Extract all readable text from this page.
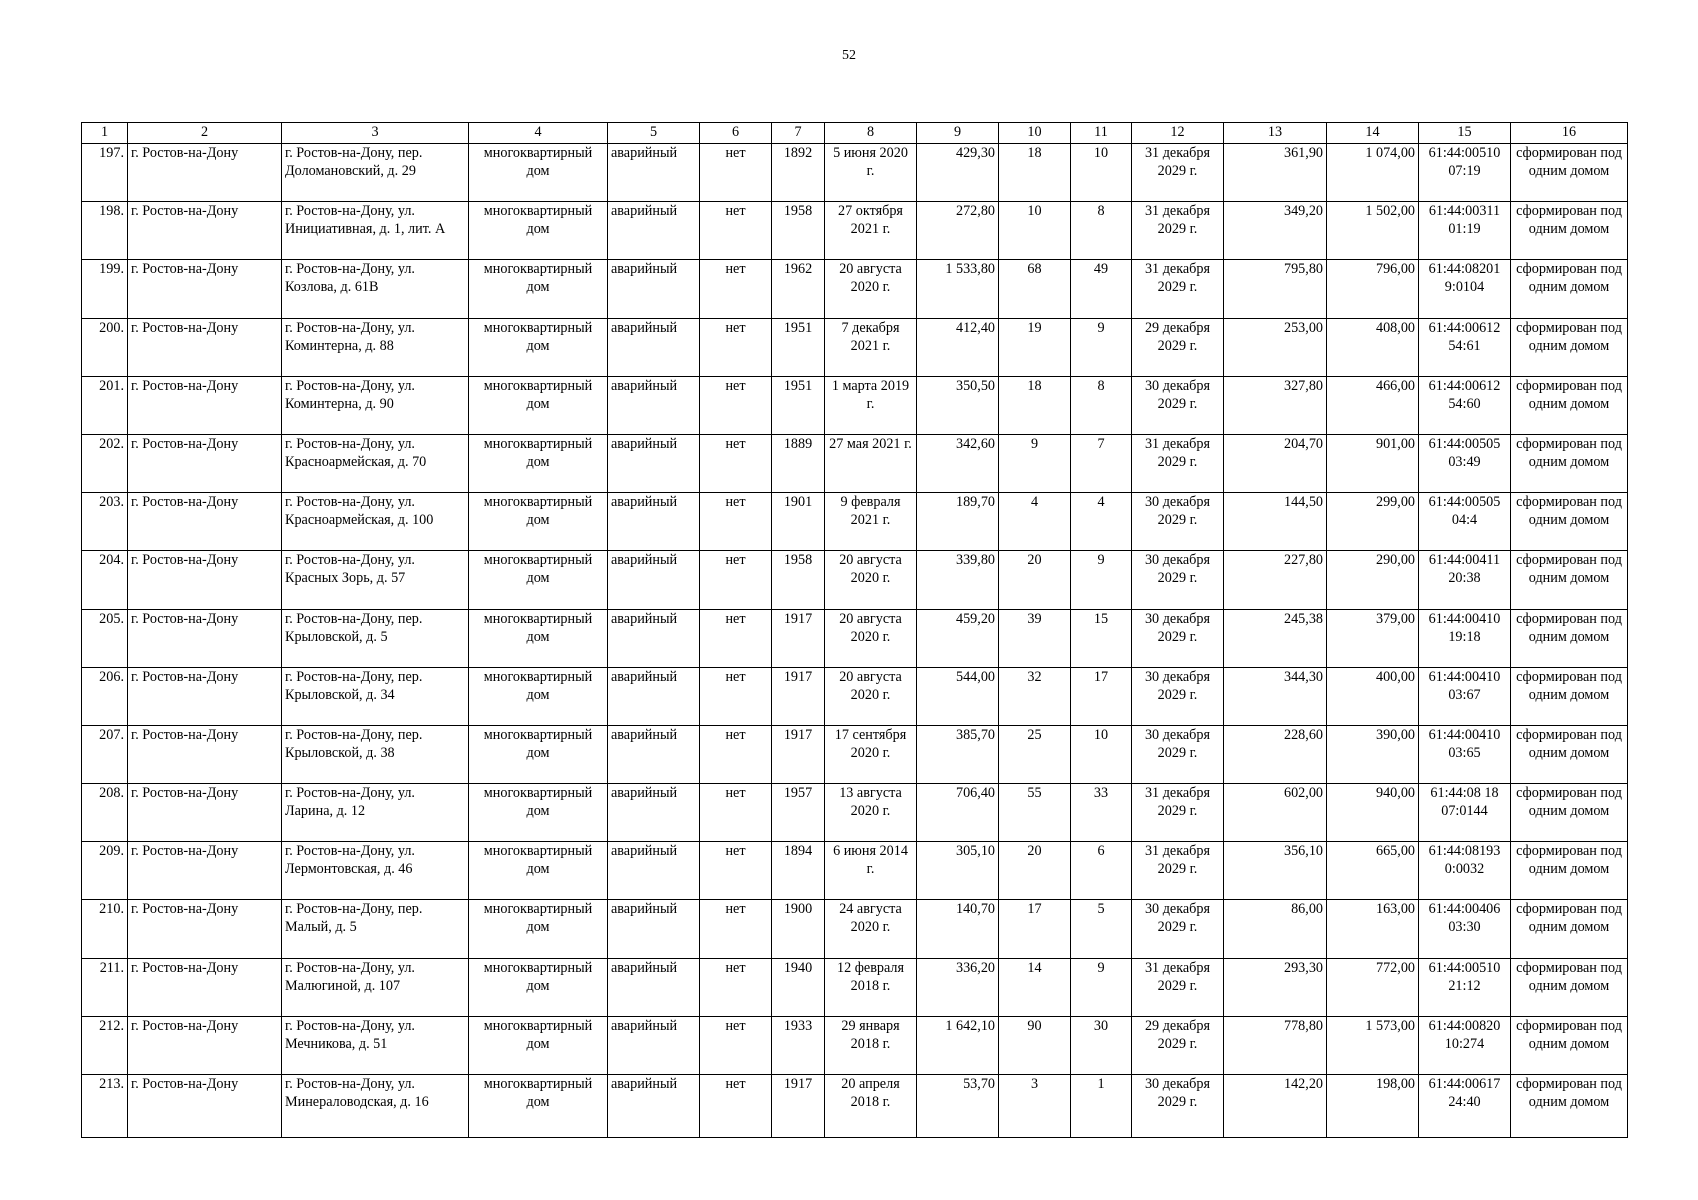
52
1	2	3	4	5	6	7	8	9	10	11	12	13	14	15	16
197.	г. Ростов-на-Дону	г. Ростов-на-Дону, пер. Доломановский, д. 29	многоквартирный дом	аварийный	нет	1892	5 июня 2020 г.	429,30	18	10	31 декабря 2029 г.	361,90	1 074,00	61:44:00510 07:19	сформирован под одним домом
198.	г. Ростов-на-Дону	г. Ростов-на-Дону, ул. Инициативная, д. 1, лит. А	многоквартирный дом	аварийный	нет	1958	27 октября 2021 г.	272,80	10	8	31 декабря 2029 г.	349,20	1 502,00	61:44:00311 01:19	сформирован под одним домом
199.	г. Ростов-на-Дону	г. Ростов-на-Дону, ул. Козлова, д. 61В	многоквартирный дом	аварийный	нет	1962	20 августа 2020 г.	1 533,80	68	49	31 декабря 2029 г.	795,80	796,00	61:44:08201 9:0104	сформирован под одним домом
200.	г. Ростов-на-Дону	г. Ростов-на-Дону, ул. Коминтерна, д. 88	многоквартирный дом	аварийный	нет	1951	7 декабря 2021 г.	412,40	19	9	29 декабря 2029 г.	253,00	408,00	61:44:00612 54:61	сформирован под одним домом
201.	г. Ростов-на-Дону	г. Ростов-на-Дону, ул. Коминтерна, д. 90	многоквартирный дом	аварийный	нет	1951	1 марта 2019 г.	350,50	18	8	30 декабря 2029 г.	327,80	466,00	61:44:00612 54:60	сформирован под одним домом
202.	г. Ростов-на-Дону	г. Ростов-на-Дону, ул. Красноармейская, д. 70	многоквартирный дом	аварийный	нет	1889	27 мая 2021 г.	342,60	9	7	31 декабря 2029 г.	204,70	901,00	61:44:00505 03:49	сформирован под одним домом
203.	г. Ростов-на-Дону	г. Ростов-на-Дону, ул. Красноармейская, д. 100	многоквартирный дом	аварийный	нет	1901	9 февраля 2021 г.	189,70	4	4	30 декабря 2029 г.	144,50	299,00	61:44:00505 04:4	сформирован под одним домом
204.	г. Ростов-на-Дону	г. Ростов-на-Дону, ул. Красных Зорь, д. 57	многоквартирный дом	аварийный	нет	1958	20 августа 2020 г.	339,80	20	9	30 декабря 2029 г.	227,80	290,00	61:44:00411 20:38	сформирован под одним домом
205.	г. Ростов-на-Дону	г. Ростов-на-Дону, пер. Крыловской, д. 5	многоквартирный дом	аварийный	нет	1917	20 августа 2020 г.	459,20	39	15	30 декабря 2029 г.	245,38	379,00	61:44:00410 19:18	сформирован под одним домом
206.	г. Ростов-на-Дону	г. Ростов-на-Дону, пер. Крыловской, д. 34	многоквартирный дом	аварийный	нет	1917	20 августа 2020 г.	544,00	32	17	30 декабря 2029 г.	344,30	400,00	61:44:00410 03:67	сформирован под одним домом
207.	г. Ростов-на-Дону	г. Ростов-на-Дону, пер. Крыловской, д. 38	многоквартирный дом	аварийный	нет	1917	17 сентября 2020 г.	385,70	25	10	30 декабря 2029 г.	228,60	390,00	61:44:00410 03:65	сформирован под одним домом
208.	г. Ростов-на-Дону	г. Ростов-на-Дону, ул. Ларина, д. 12	многоквартирный дом	аварийный	нет	1957	13 августа 2020 г.	706,40	55	33	31 декабря 2029 г.	602,00	940,00	61:44:08 18 07:0144	сформирован под одним домом
209.	г. Ростов-на-Дону	г. Ростов-на-Дону, ул. Лермонтовская, д. 46	многоквартирный дом	аварийный	нет	1894	6 июня 2014 г.	305,10	20	6	31 декабря 2029 г.	356,10	665,00	61:44:08193 0:0032	сформирован под одним домом
210.	г. Ростов-на-Дону	г. Ростов-на-Дону, пер. Малый, д. 5	многоквартирный дом	аварийный	нет	1900	24 августа 2020 г.	140,70	17	5	30 декабря 2029 г.	86,00	163,00	61:44:00406 03:30	сформирован под одним домом
211.	г. Ростов-на-Дону	г. Ростов-на-Дону, ул. Малюгиной, д. 107	многоквартирный дом	аварийный	нет	1940	12 февраля 2018 г.	336,20	14	9	31 декабря 2029 г.	293,30	772,00	61:44:00510 21:12	сформирован под одним домом
212.	г. Ростов-на-Дону	г. Ростов-на-Дону, ул. Мечникова, д. 51	многоквартирный дом	аварийный	нет	1933	29 января 2018 г.	1 642,10	90	30	29 декабря 2029 г.	778,80	1 573,00	61:44:00820 10:274	сформирован под одним домом
213.	г. Ростов-на-Дону	г. Ростов-на-Дону, ул. Минераловодская, д. 16	многоквартирный дом	аварийный	нет	1917	20 апреля 2018 г.	53,70	3	1	30 декабря 2029 г.	142,20	198,00	61:44:00617 24:40	сформирован под одним домом
